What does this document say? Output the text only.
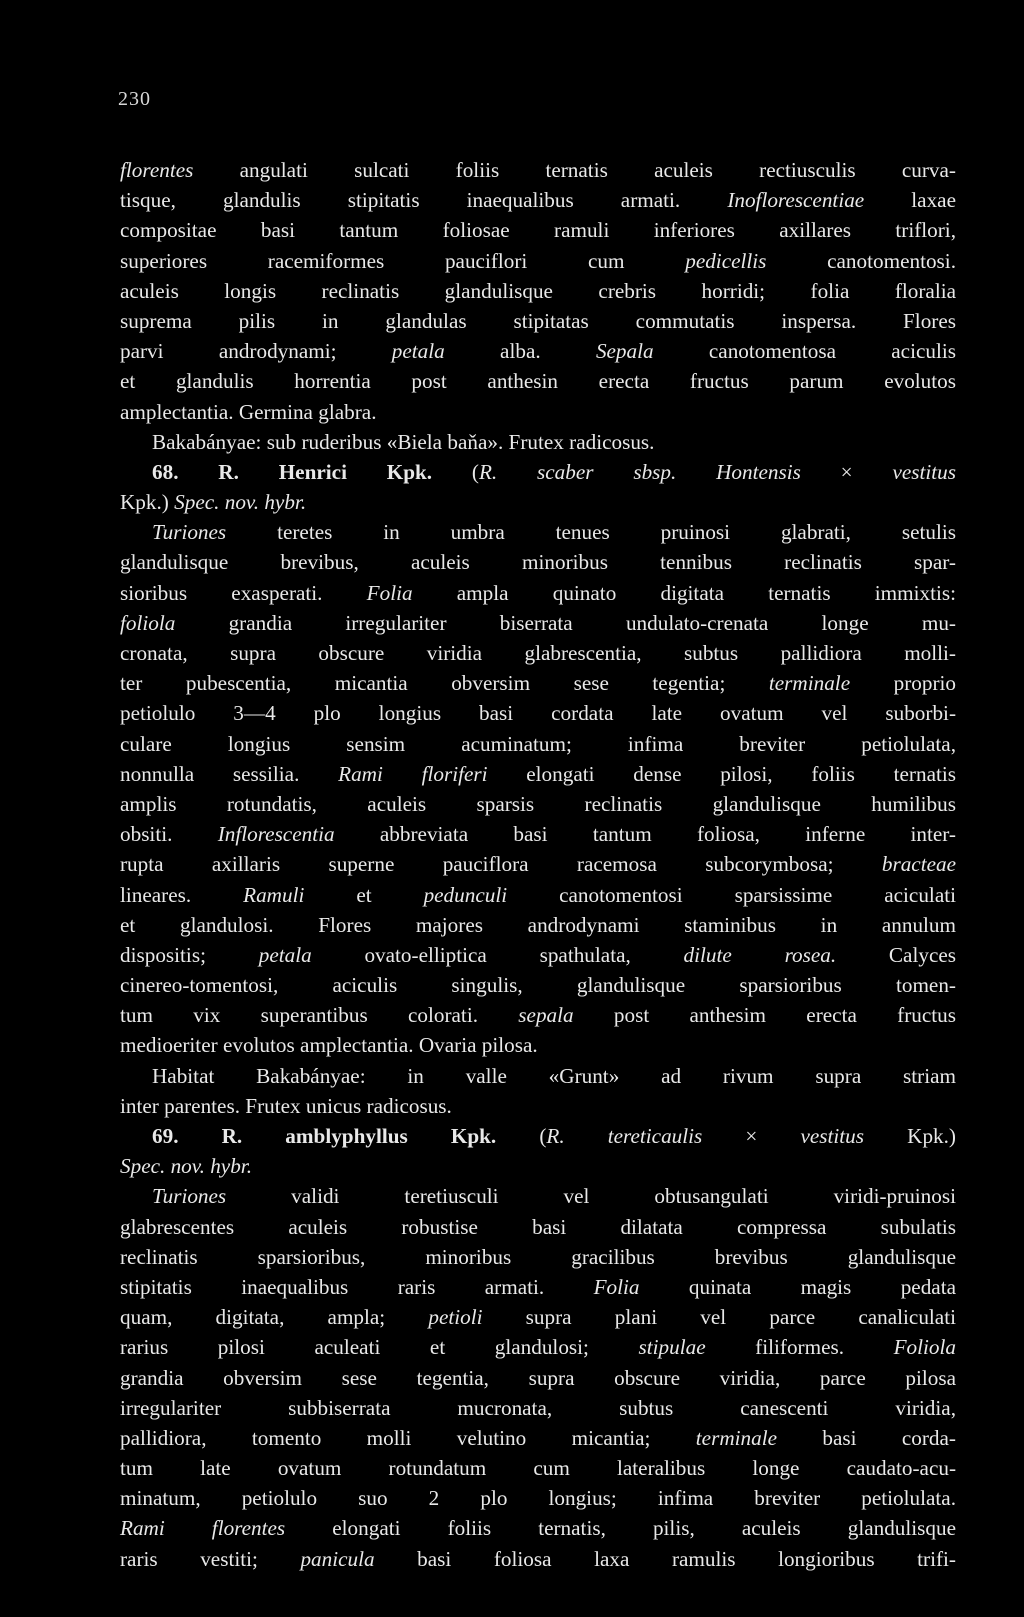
230
florentes angulati sulcati foliis ternatis aculeis rectiusculis curva-
tisque, glandulis stipitatis inaequalibus armati. Inoflorescentiae laxae
compositae basi tantum foliosae ramuli inferiores axillares triflori,
superiores racemiformes pauciflori cum pedicellis canotomentosi.
aculeis longis reclinatis glandulisque crebris horridi; folia floralia
suprema pilis in glandulas stipitatas commutatis inspersa. Flores
parvi androdynami; petala alba. Sepala canotomentosa aciculis
et glandulis horrentia post anthesin erecta fructus parum evolutos
amplectantia. Germina glabra.
Bakabányae: sub ruderibus «Biela baňa». Frutex radicosus.
68. R. Henrici Kpk. (R. scaber sbsp. Hontensis × vestitus
Kpk.) Spec. nov. hybr.
Turiones teretes in umbra tenues pruinosi glabrati, setulis
glandulisque brevibus, aculeis minoribus tennibus reclinatis spar-
sioribus exasperati. Folia ampla quinato digitata ternatis immixtis:
foliola grandia irregulariter biserrata undulato-crenata longe mu-
cronata, supra obscure viridia glabrescentia, subtus pallidiora molli-
ter pubescentia, micantia obversim sese tegentia; terminale proprio
petiolulo 3—4 plo longius basi cordata late ovatum vel suborbi-
culare longius sensim acuminatum; infima breviter petiolulata,
nonnulla sessilia. Rami floriferi elongati dense pilosi, foliis ternatis
amplis rotundatis, aculeis sparsis reclinatis glandulisque humilibus
obsiti. Inflorescentia abbreviata basi tantum foliosa, inferne inter-
rupta axillaris superne pauciflora racemosa subcorymbosa; bracteae
lineares. Ramuli et pedunculi canotomentosi sparsissime aciculati
et glandulosi. Flores majores androdynami staminibus in annulum
dispositis; petala ovato-elliptica spathulata, dilute rosea. Calyces
cinereo-tomentosi, aciculis singulis, glandulisque sparsioribus tomen-
tum vix superantibus colorati. sepala post anthesim erecta fructus
medioeriter evolutos amplectantia. Ovaria pilosa.
Habitat Bakabányae: in valle «Grunt» ad rivum supra striam
inter parentes. Frutex unicus radicosus.
69. R. amblyphyllus Kpk. (R. tereticaulis × vestitus Kpk.)
Spec. nov. hybr.
Turiones validi teretiusculi vel obtusangulati viridi-pruinosi
glabrescentes aculeis robustise basi dilatata compressa subulatis
reclinatis sparsioribus, minoribus gracilibus brevibus glandulisque
stipitatis inaequalibus raris armati. Folia quinata magis pedata
quam, digitata, ampla; petioli supra plani vel parce canaliculati
rarius pilosi aculeati et glandulosi; stipulae filiformes. Foliola
grandia obversim sese tegentia, supra obscure viridia, parce pilosa
irregulariter subbiserrata mucronata, subtus canescenti viridia,
pallidiora, tomento molli velutino micantia; terminale basi corda-
tum late ovatum rotundatum cum lateralibus longe caudato-acu-
minatum, petiolulo suo 2 plo longius; infima breviter petiolulata.
Rami florentes elongati foliis ternatis, pilis, aculeis glandulisque
raris vestiti; panicula basi foliosa laxa ramulis longioribus trifi-
